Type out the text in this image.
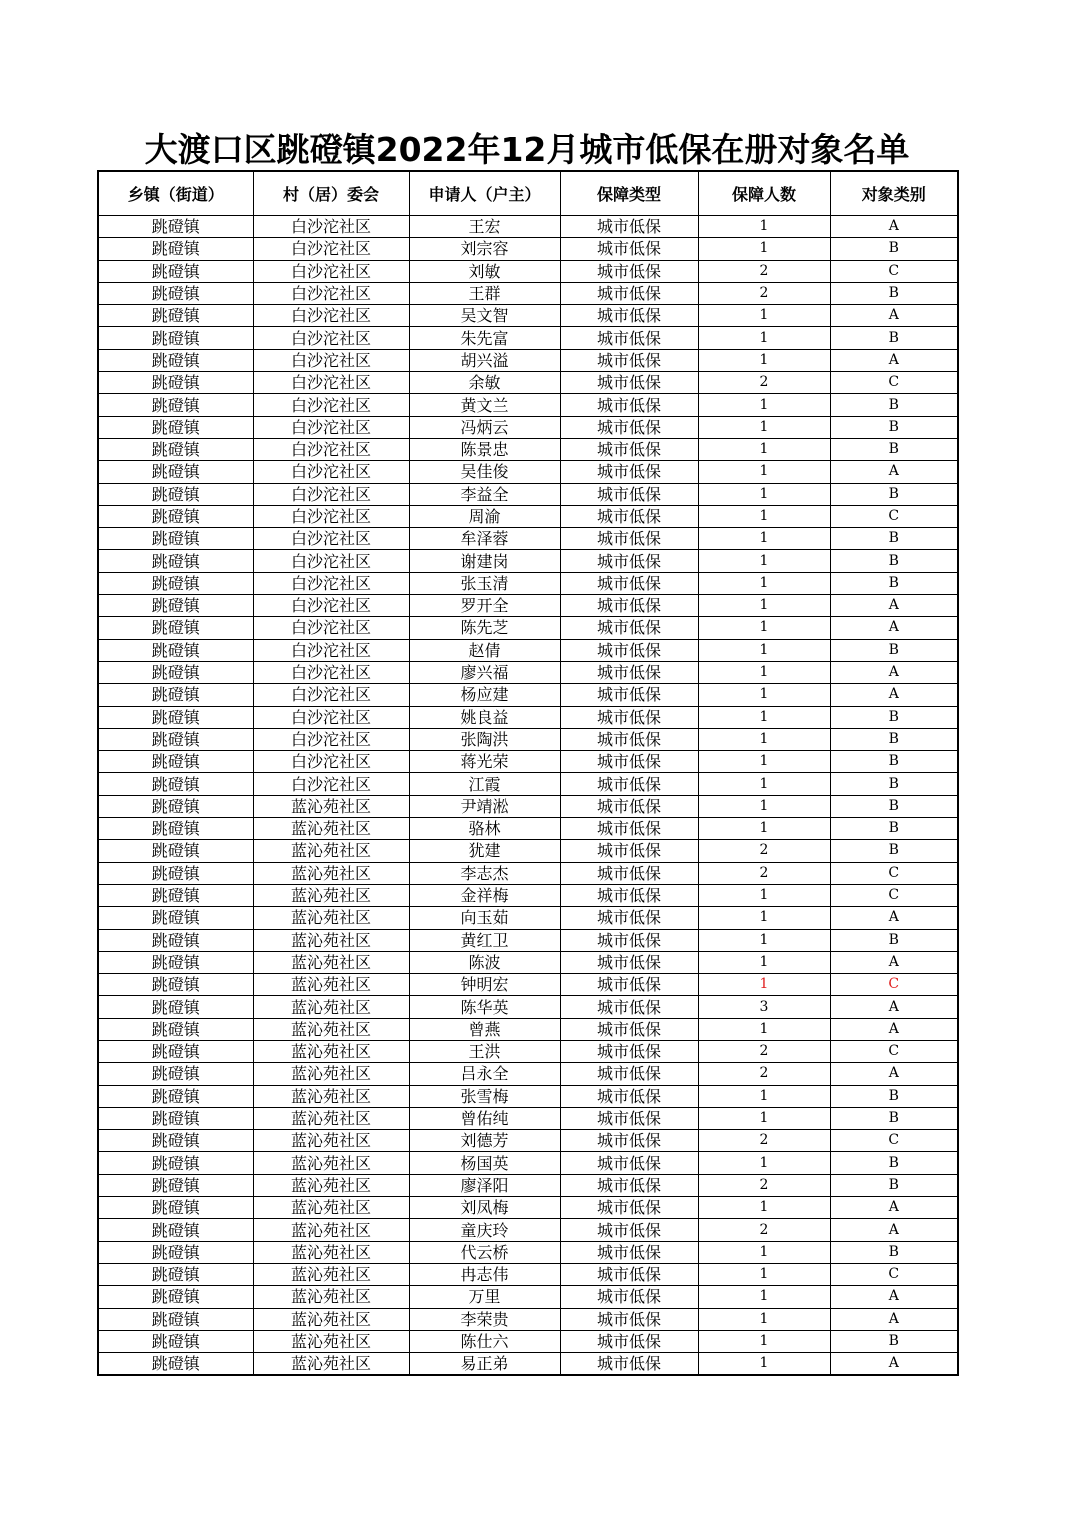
大渡口区跳磴镇2022年12月城市低保在册对象名单
乡镇（街道）	村（居）委会	申请人（户主）	保障类型	保障人数	对象类别
跳磴镇	白沙沱社区	王宏	城市低保	1	A
跳磴镇	白沙沱社区	刘宗容	城市低保	1	B
跳磴镇	白沙沱社区	刘敏	城市低保	2	C
跳磴镇	白沙沱社区	王群	城市低保	2	B
跳磴镇	白沙沱社区	吴文智	城市低保	1	A
跳磴镇	白沙沱社区	朱先富	城市低保	1	B
跳磴镇	白沙沱社区	胡兴溢	城市低保	1	A
跳磴镇	白沙沱社区	余敏	城市低保	2	C
跳磴镇	白沙沱社区	黄文兰	城市低保	1	B
跳磴镇	白沙沱社区	冯炳云	城市低保	1	B
跳磴镇	白沙沱社区	陈景忠	城市低保	1	B
跳磴镇	白沙沱社区	吴佳俊	城市低保	1	A
跳磴镇	白沙沱社区	李益全	城市低保	1	B
跳磴镇	白沙沱社区	周渝	城市低保	1	C
跳磴镇	白沙沱社区	牟泽蓉	城市低保	1	B
跳磴镇	白沙沱社区	谢建岗	城市低保	1	B
跳磴镇	白沙沱社区	张玉清	城市低保	1	B
跳磴镇	白沙沱社区	罗开全	城市低保	1	A
跳磴镇	白沙沱社区	陈先芝	城市低保	1	A
跳磴镇	白沙沱社区	赵倩	城市低保	1	B
跳磴镇	白沙沱社区	廖兴福	城市低保	1	A
跳磴镇	白沙沱社区	杨应建	城市低保	1	A
跳磴镇	白沙沱社区	姚良益	城市低保	1	B
跳磴镇	白沙沱社区	张陶洪	城市低保	1	B
跳磴镇	白沙沱社区	蒋光荣	城市低保	1	B
跳磴镇	白沙沱社区	江霞	城市低保	1	B
跳磴镇	蓝沁苑社区	尹靖淞	城市低保	1	B
跳磴镇	蓝沁苑社区	骆林	城市低保	1	B
跳磴镇	蓝沁苑社区	犹建	城市低保	2	B
跳磴镇	蓝沁苑社区	李志杰	城市低保	2	C
跳磴镇	蓝沁苑社区	金祥梅	城市低保	1	C
跳磴镇	蓝沁苑社区	向玉茹	城市低保	1	A
跳磴镇	蓝沁苑社区	黄红卫	城市低保	1	B
跳磴镇	蓝沁苑社区	陈波	城市低保	1	A
跳磴镇	蓝沁苑社区	钟明宏	城市低保	1	C
跳磴镇	蓝沁苑社区	陈华英	城市低保	3	A
跳磴镇	蓝沁苑社区	曾燕	城市低保	1	A
跳磴镇	蓝沁苑社区	王洪	城市低保	2	C
跳磴镇	蓝沁苑社区	吕永全	城市低保	2	A
跳磴镇	蓝沁苑社区	张雪梅	城市低保	1	B
跳磴镇	蓝沁苑社区	曾佑纯	城市低保	1	B
跳磴镇	蓝沁苑社区	刘德芳	城市低保	2	C
跳磴镇	蓝沁苑社区	杨国英	城市低保	1	B
跳磴镇	蓝沁苑社区	廖泽阳	城市低保	2	B
跳磴镇	蓝沁苑社区	刘凤梅	城市低保	1	A
跳磴镇	蓝沁苑社区	童庆玲	城市低保	2	A
跳磴镇	蓝沁苑社区	代云桥	城市低保	1	B
跳磴镇	蓝沁苑社区	冉志伟	城市低保	1	C
跳磴镇	蓝沁苑社区	万里	城市低保	1	A
跳磴镇	蓝沁苑社区	李荣贵	城市低保	1	A
跳磴镇	蓝沁苑社区	陈仕六	城市低保	1	B
跳磴镇	蓝沁苑社区	易正弟	城市低保	1	A
